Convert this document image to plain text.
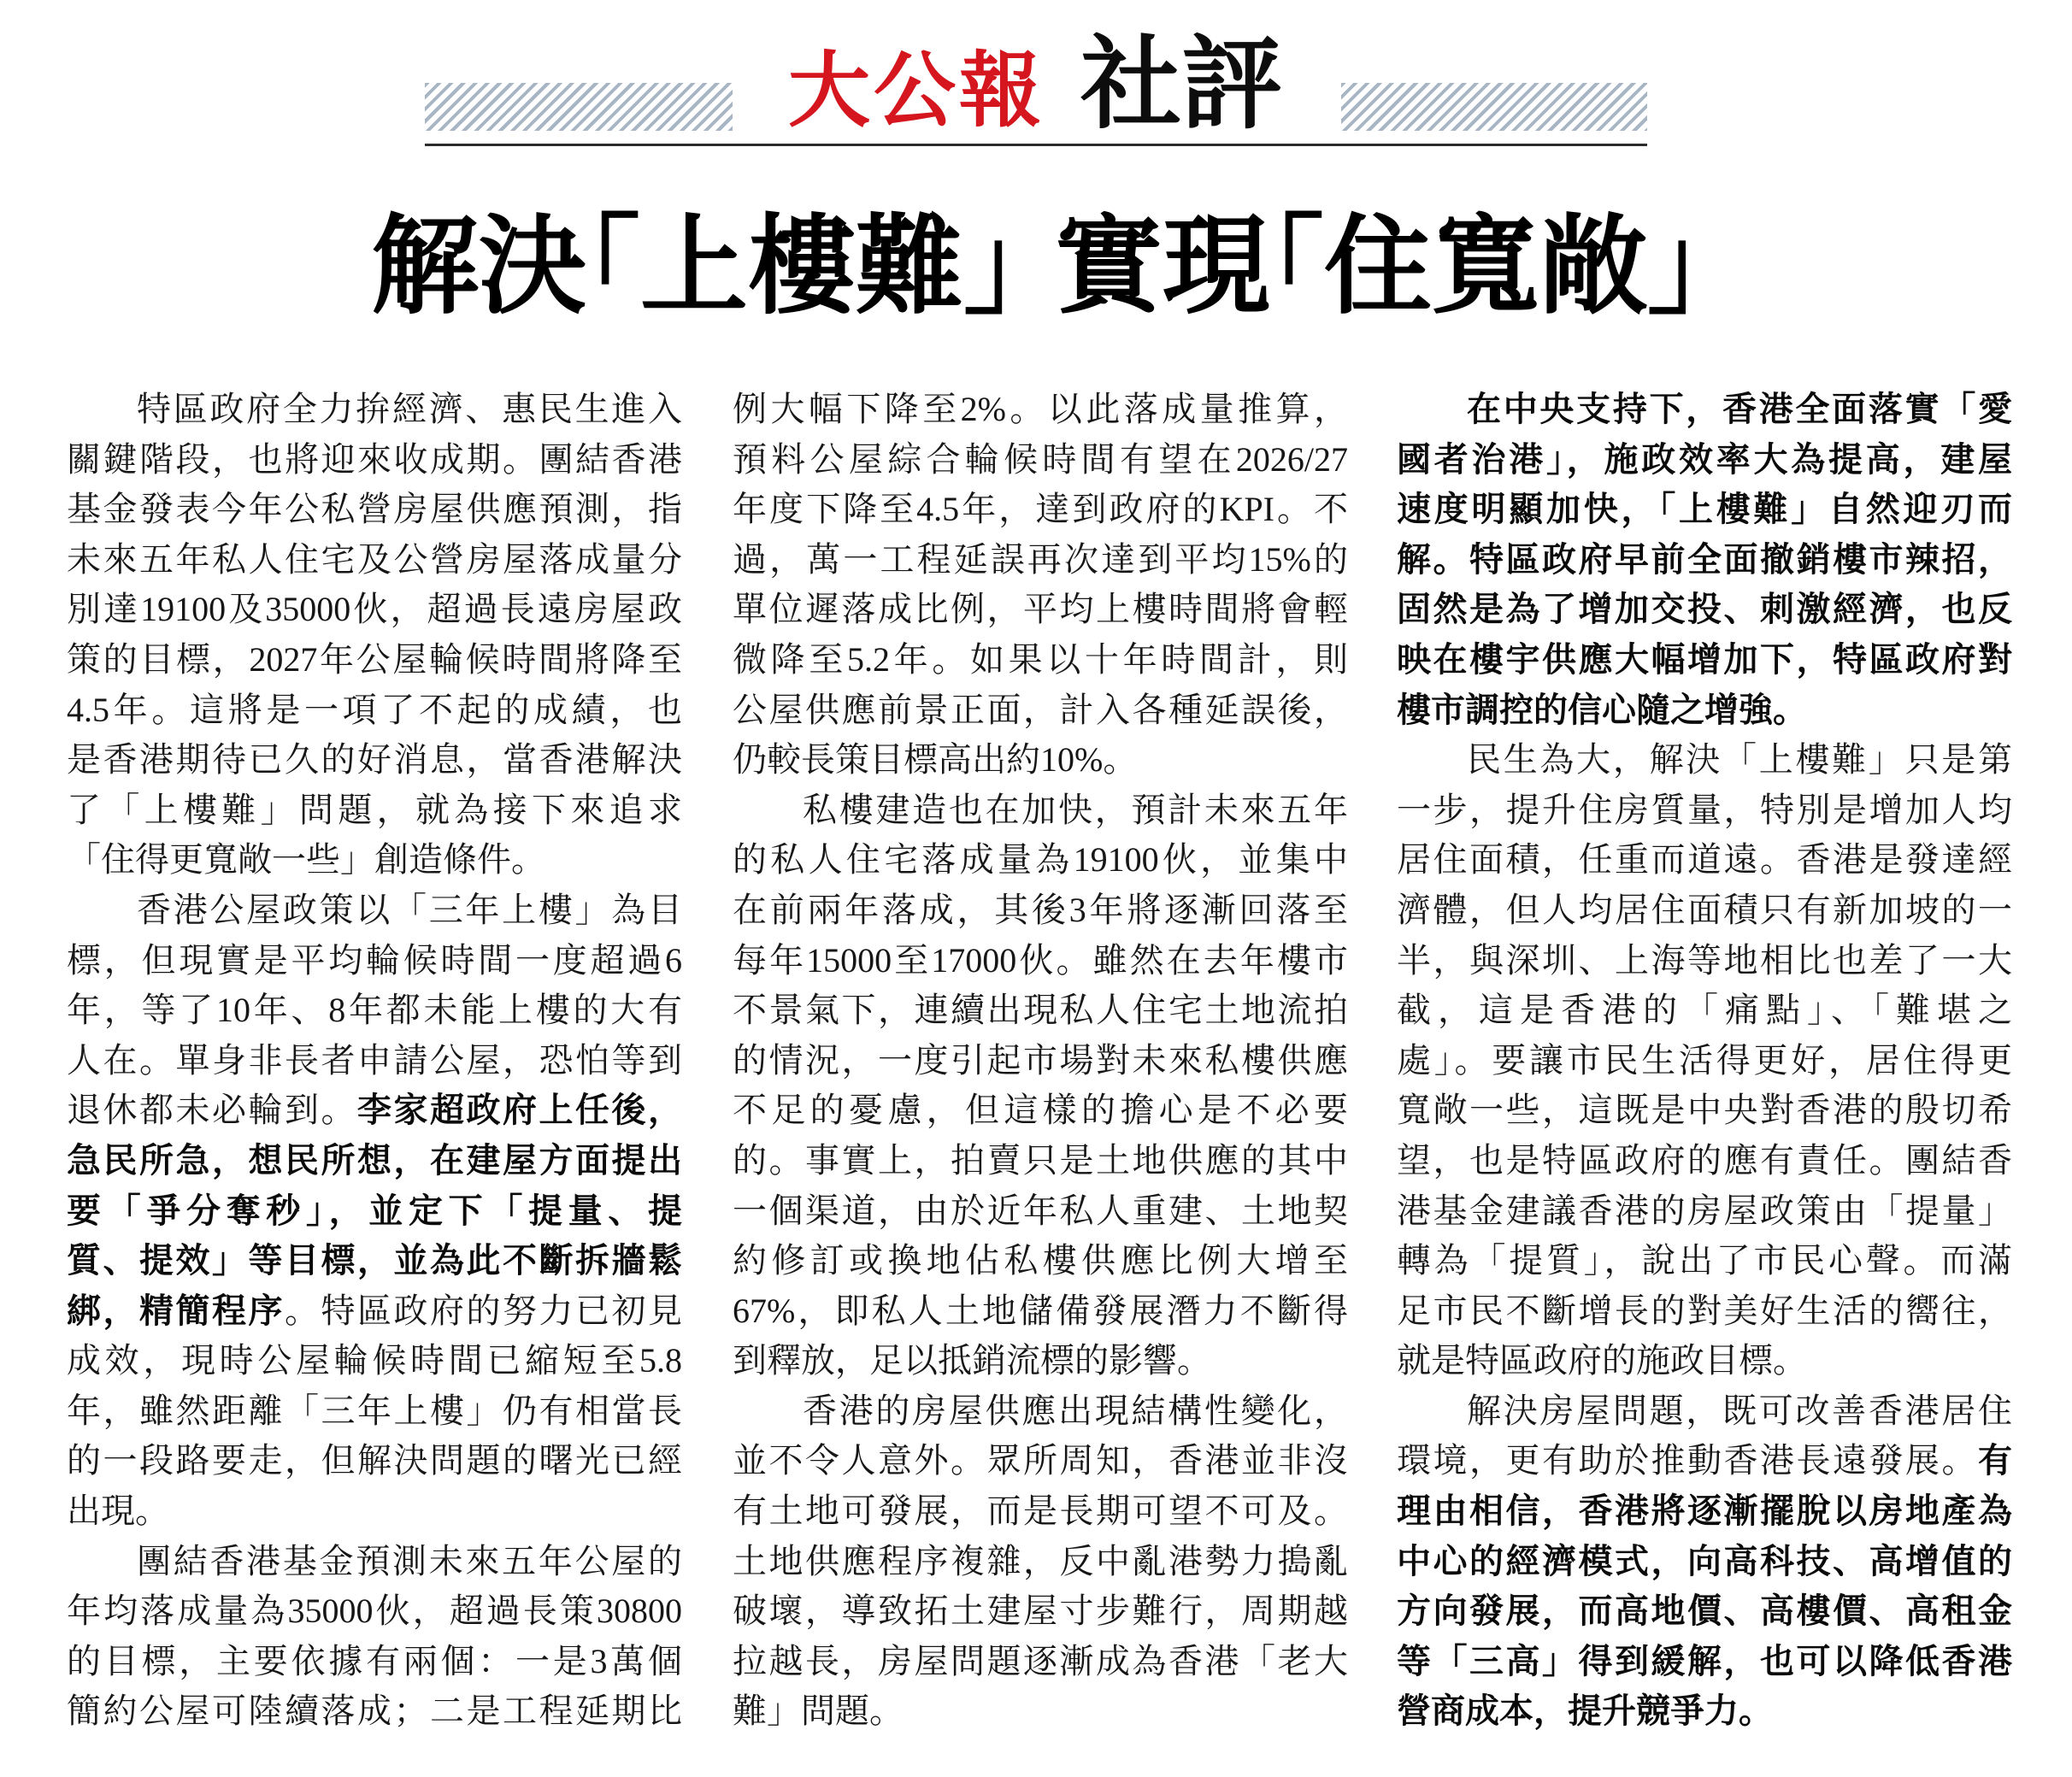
大公報 社評
解決「上樓難」 實現「住寬敞」
特區政府全力拚經濟、惠民生進入
關鍵階段，也將迎來收成期。團結香港
基金發表今年公私營房屋供應預測，指
未來五年私人住宅及公營房屋落成量分
別達19100及35000伙，超過長遠房屋政
策的目標，2027年公屋輪候時間將降至
4.5年。這將是一項了不起的成績，也
是香港期待已久的好消息，當香港解決
了「上樓難」問題，就為接下來追求
「住得更寬敞一些」創造條件。
香港公屋政策以「三年上樓」為目
標，但現實是平均輪候時間一度超過6
年，等了10年、8年都未能上樓的大有
人在。單身非長者申請公屋，恐怕等到
退休都未必輪到。李家超政府上任後，
急民所急，想民所想，在建屋方面提出
要「爭分奪秒」，並定下「提量、提
質、提效」等目標，並為此不斷拆牆鬆
綁，精簡程序。特區政府的努力已初見
成效，現時公屋輪候時間已縮短至5.8
年，雖然距離「三年上樓」仍有相當長
的一段路要走，但解決問題的曙光已經
出現。
團結香港基金預測未來五年公屋的
年均落成量為35000伙，超過長策30800
的目標，主要依據有兩個：一是3萬個
簡約公屋可陸續落成；二是工程延期比
例大幅下降至2%。以此落成量推算，
預料公屋綜合輪候時間有望在2026/27
年度下降至4.5年，達到政府的KPI。不
過，萬一工程延誤再次達到平均15%的
單位遲落成比例，平均上樓時間將會輕
微降至5.2年。如果以十年時間計，則
公屋供應前景正面，計入各種延誤後，
仍較長策目標高出約10%。
私樓建造也在加快，預計未來五年
的私人住宅落成量為19100伙，並集中
在前兩年落成，其後3年將逐漸回落至
每年15000至17000伙。雖然在去年樓市
不景氣下，連續出現私人住宅土地流拍
的情況，一度引起市場對未來私樓供應
不足的憂慮，但這樣的擔心是不必要
的。事實上，拍賣只是土地供應的其中
一個渠道，由於近年私人重建、土地契
約修訂或換地佔私樓供應比例大增至
67%，即私人土地儲備發展潛力不斷得
到釋放，足以抵銷流標的影響。
香港的房屋供應出現結構性變化，
並不令人意外。眾所周知，香港並非沒
有土地可發展，而是長期可望不可及。
土地供應程序複雜，反中亂港勢力搗亂
破壞，導致拓土建屋寸步難行，周期越
拉越長，房屋問題逐漸成為香港「老大
難」問題。
在中央支持下，香港全面落實「愛
國者治港」，施政效率大為提高，建屋
速度明顯加快，「上樓難」自然迎刃而
解。特區政府早前全面撤銷樓市辣招，
固然是為了增加交投、刺激經濟，也反
映在樓宇供應大幅增加下，特區政府對
樓市調控的信心隨之增強。
民生為大，解決「上樓難」只是第
一步，提升住房質量，特別是增加人均
居住面積，任重而道遠。香港是發達經
濟體，但人均居住面積只有新加坡的一
半，與深圳、上海等地相比也差了一大
截，這是香港的「痛點」、「難堪之
處」。要讓市民生活得更好，居住得更
寬敞一些，這既是中央對香港的殷切希
望，也是特區政府的應有責任。團結香
港基金建議香港的房屋政策由「提量」
轉為「提質」，說出了市民心聲。而滿
足市民不斷增長的對美好生活的嚮往，
就是特區政府的施政目標。
解決房屋問題，既可改善香港居住
環境，更有助於推動香港長遠發展。有
理由相信，香港將逐漸擺脫以房地產為
中心的經濟模式，向高科技、高增值的
方向發展，而高地價、高樓價、高租金
等「三高」得到緩解，也可以降低香港
營商成本，提升競爭力。
